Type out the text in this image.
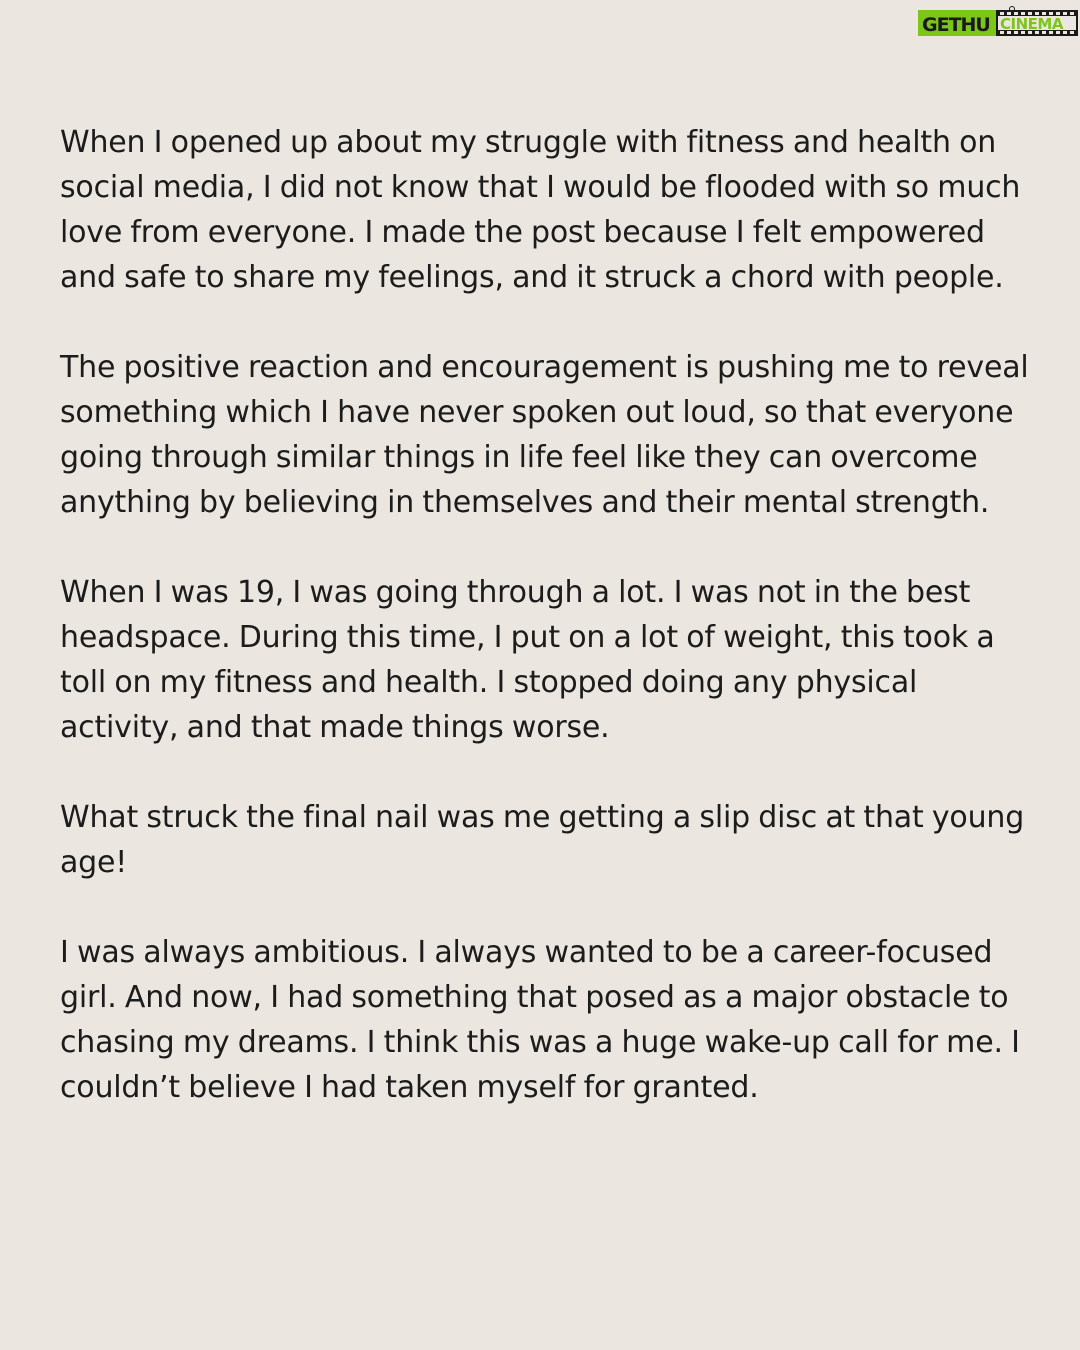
GETHU CINEMA

When I opened up about my struggle with fitness and health on social media, I did not know that I would be flooded with so much love from everyone. I made the post because I felt empowered and safe to share my feelings, and it struck a chord with people.

The positive reaction and encouragement is pushing me to reveal something which I have never spoken out loud, so that everyone going through similar things in life feel like they can overcome anything by believing in themselves and their mental strength.

When I was 19, I was going through a lot. I was not in the best headspace. During this time, I put on a lot of weight, this took a toll on my fitness and health. I stopped doing any physical activity, and that made things worse.

What struck the final nail was me getting a slip disc at that young age!

I was always ambitious. I always wanted to be a career-focused girl. And now, I had something that posed as a major obstacle to chasing my dreams. I think this was a huge wake-up call for me. I couldn’t believe I had taken myself for granted.
